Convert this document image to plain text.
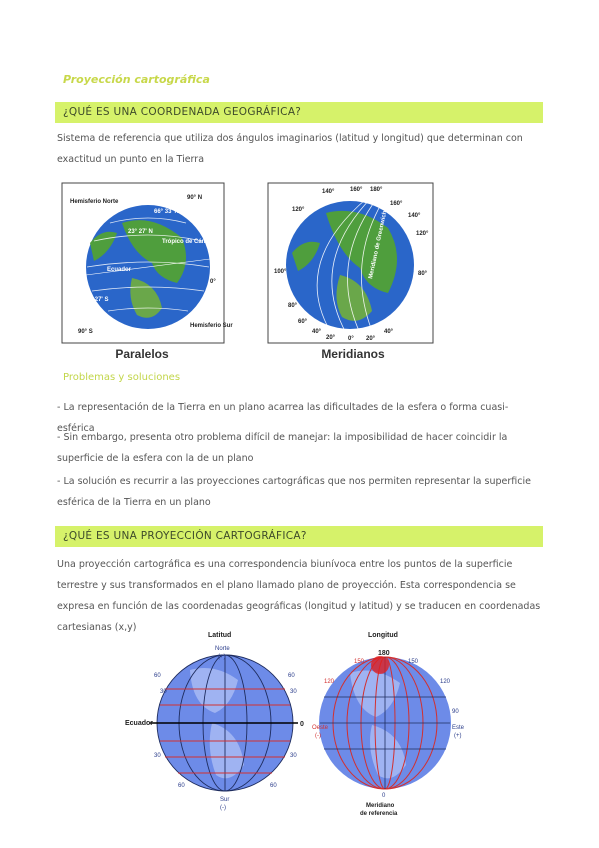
Proyección cartográfica
¿QUÉ ES UNA COORDENADA GEOGRÁFICA?
Sistema de referencia que utiliza dos ángulos imaginarios (latitud y longitud) que determinan con exactitud un punto en la Tierra
Hemisferio Norte
90° N
66° 33' N
23° 27' N
Trópico de Cáncer
Ecuador
0°
23° 27' S
90° S
Hemisferio Sur
Paralelos
140°	160° 180°
160°
140°
120°
120°
100°	80°
80°
60°
40°
20° 0° 20°
40°
Meridiano de Greenwich
Meridianos
Problemas y soluciones
- La representación de la Tierra en un plano acarrea las dificultades de la esfera o forma cuasi-esférica
- Sin embargo, presenta otro problema difícil de manejar: la imposibilidad de hacer coincidir la superficie de la esfera con la de un plano
- La solución es recurrir a las proyecciones cartográficas que nos permiten representar la superficie esférica de la Tierra en un plano
¿QUÉ ES UNA PROYECCIÓN CARTOGRÁFICA?
Una proyección cartográfica es una correspondencia biunívoca entre los puntos de la superficie terrestre y sus transformados en el plano llamado plano de proyección. Esta correspondencia se expresa en función de las coordenadas geográficas (longitud y latitud) y se traducen en coordenadas cartesianas (x,y)
Latitud
Norte
(+)
60	60
30	30
Ecuador	0
30	30
60	60
Sur
(-)
Longitud
180
150	150
120	120
90
Oeste
(-)
Este
(+)
0
Meridiano
de referencia
